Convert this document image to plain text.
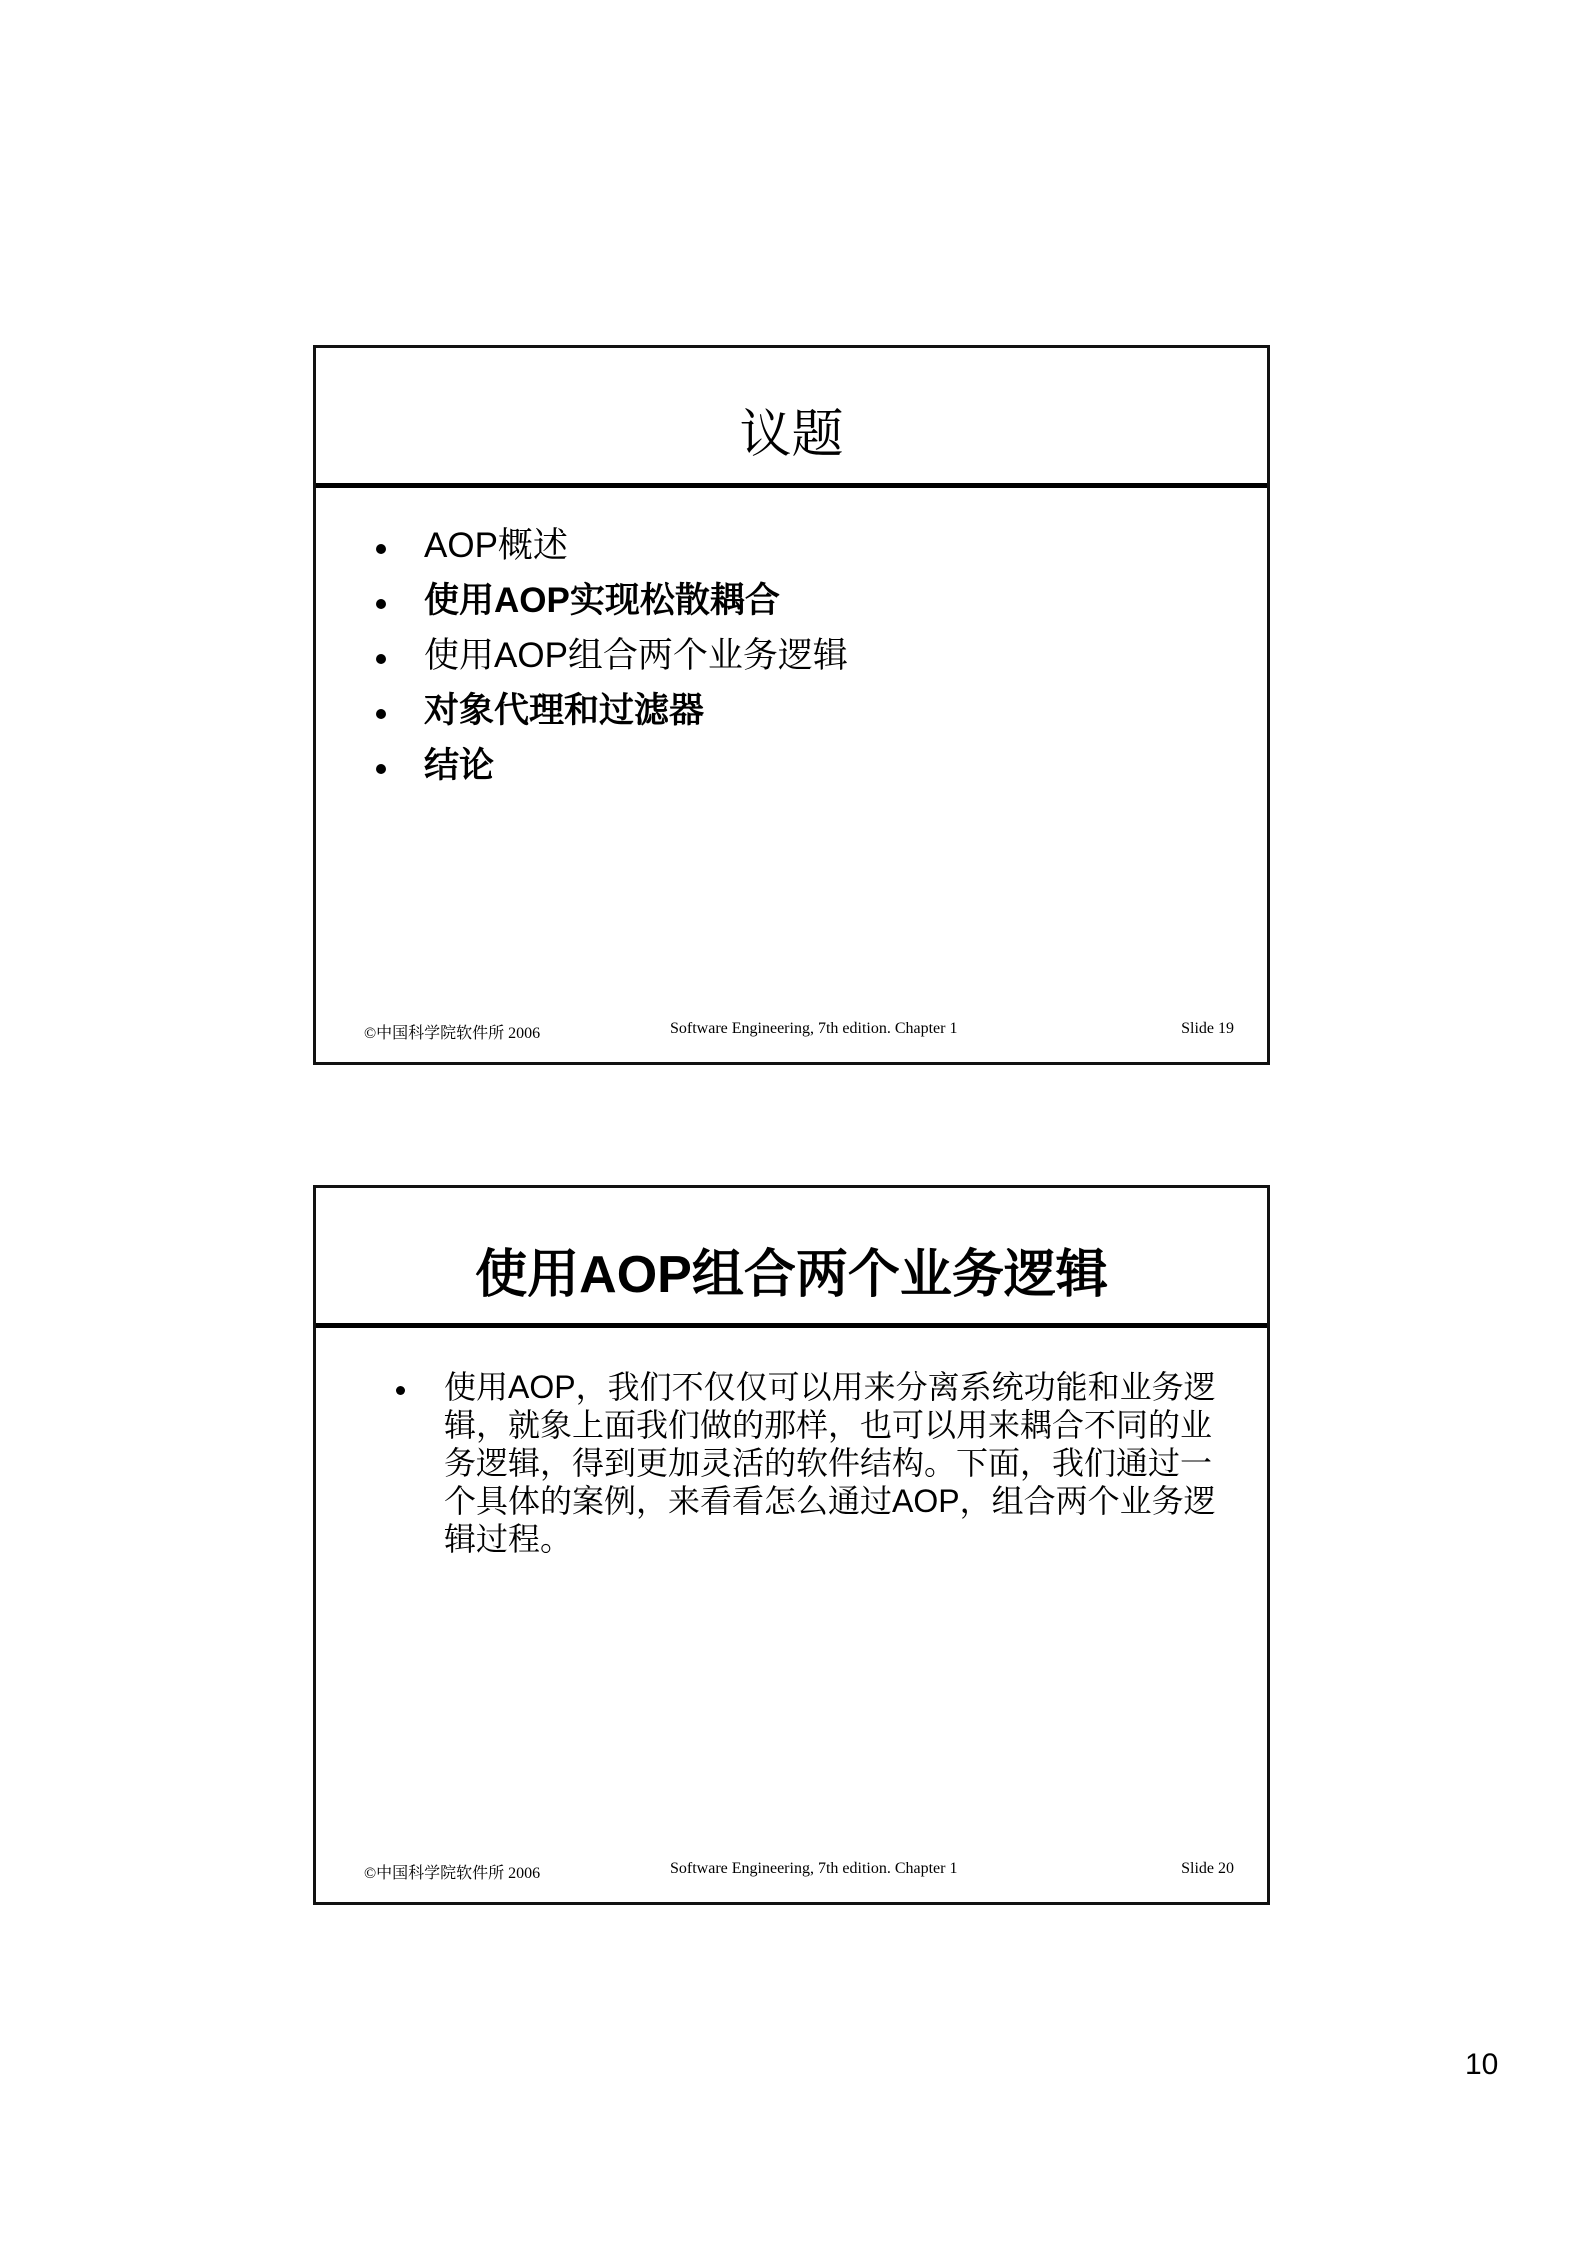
议题
AOP概述
使用AOP实现松散耦合
使用AOP组合两个业务逻辑
对象代理和过滤器
结论
©中国科学院软件所 2006	Software Engineering, 7th edition. Chapter 1	Slide 19
使用AOP组合两个业务逻辑
使用AOP，我们不仅仅可以用来分离系统功能和业务逻辑，就象上面我们做的那样，也可以用来耦合不同的业务逻辑，得到更加灵活的软件结构。下面，我们通过一个具体的案例，来看看怎么通过AOP，组合两个业务逻辑过程。
©中国科学院软件所 2006	Software Engineering, 7th edition. Chapter 1	Slide 20
10
